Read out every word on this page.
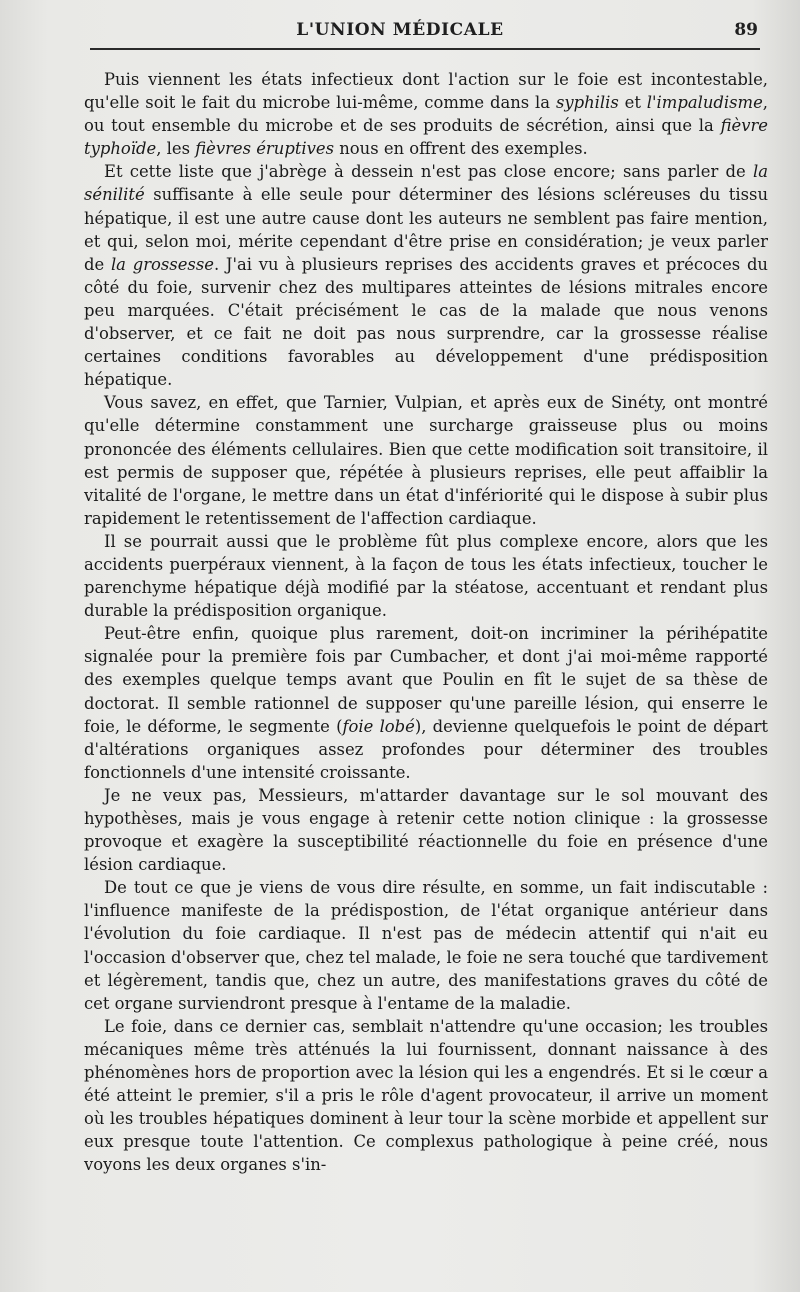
L'UNION MÉDICALE	89

Puis viennent les états infectieux dont l'action sur le foie est incontestable, qu'elle soit le fait du microbe lui-même, comme dans la syphilis et l'impaludisme, ou tout ensemble du microbe et de ses produits de sécrétion, ainsi que la fièvre typhoïde, les fièvres éruptives nous en offrent des exemples.

Et cette liste que j'abrège à dessein n'est pas close encore; sans parler de la sénilité suffisante à elle seule pour déterminer des lésions scléreuses du tissu hépatique, il est une autre cause dont les auteurs ne semblent pas faire mention, et qui, selon moi, mérite cependant d'être prise en considération; je veux parler de la grossesse. J'ai vu à plusieurs reprises des accidents graves et précoces du côté du foie, survenir chez des multipares atteintes de lésions mitrales encore peu marquées. C'était précisément le cas de la malade que nous venons d'observer, et ce fait ne doit pas nous surprendre, car la grossesse réalise certaines conditions favorables au développement d'une prédisposition hépatique.

Vous savez, en effet, que Tarnier, Vulpian, et après eux de Sinéty, ont montré qu'elle détermine constamment une surcharge graisseuse plus ou moins prononcée des éléments cellulaires. Bien que cette modification soit transitoire, il est permis de supposer que, répétée à plusieurs reprises, elle peut affaiblir la vitalité de l'organe, le mettre dans un état d'infériorité qui le dispose à subir plus rapidement le retentissement de l'affection cardiaque.

Il se pourrait aussi que le problème fût plus complexe encore, alors que les accidents puerpéraux viennent, à la façon de tous les états infectieux, toucher le parenchyme hépatique déjà modifié par la stéatose, accentuant et rendant plus durable la prédisposition organique.

Peut-être enfin, quoique plus rarement, doit-on incriminer la périhépatite signalée pour la première fois par Cumbacher, et dont j'ai moi-même rapporté des exemples quelque temps avant que Poulin en fît le sujet de sa thèse de doctorat. Il semble rationnel de supposer qu'une pareille lésion, qui enserre le foie, le déforme, le segmente (foie lobé), devienne quelquefois le point de départ d'altérations organiques assez profondes pour déterminer des troubles fonctionnels d'une intensité croissante.

Je ne veux pas, Messieurs, m'attarder davantage sur le sol mouvant des hypothèses, mais je vous engage à retenir cette notion clinique : la grossesse provoque et exagère la susceptibilité réactionnelle du foie en présence d'une lésion cardiaque.

De tout ce que je viens de vous dire résulte, en somme, un fait indiscutable : l'influence manifeste de la prédispostion, de l'état organique antérieur dans l'évolution du foie cardiaque. Il n'est pas de médecin attentif qui n'ait eu l'occasion d'observer que, chez tel malade, le foie ne sera touché que tardivement et légèrement, tandis que, chez un autre, des manifestations graves du côté de cet organe surviendront presque à l'entame de la maladie.

Le foie, dans ce dernier cas, semblait n'attendre qu'une occasion; les troubles mécaniques même très atténués la lui fournissent, donnant naissance à des phénomènes hors de proportion avec la lésion qui les a engendrés. Et si le cœur a été atteint le premier, s'il a pris le rôle d'agent provocateur, il arrive un moment où les troubles hépatiques dominent à leur tour la scène morbide et appellent sur eux presque toute l'attention. Ce complexus pathologique à peine créé, nous voyons les deux organes s'in-
